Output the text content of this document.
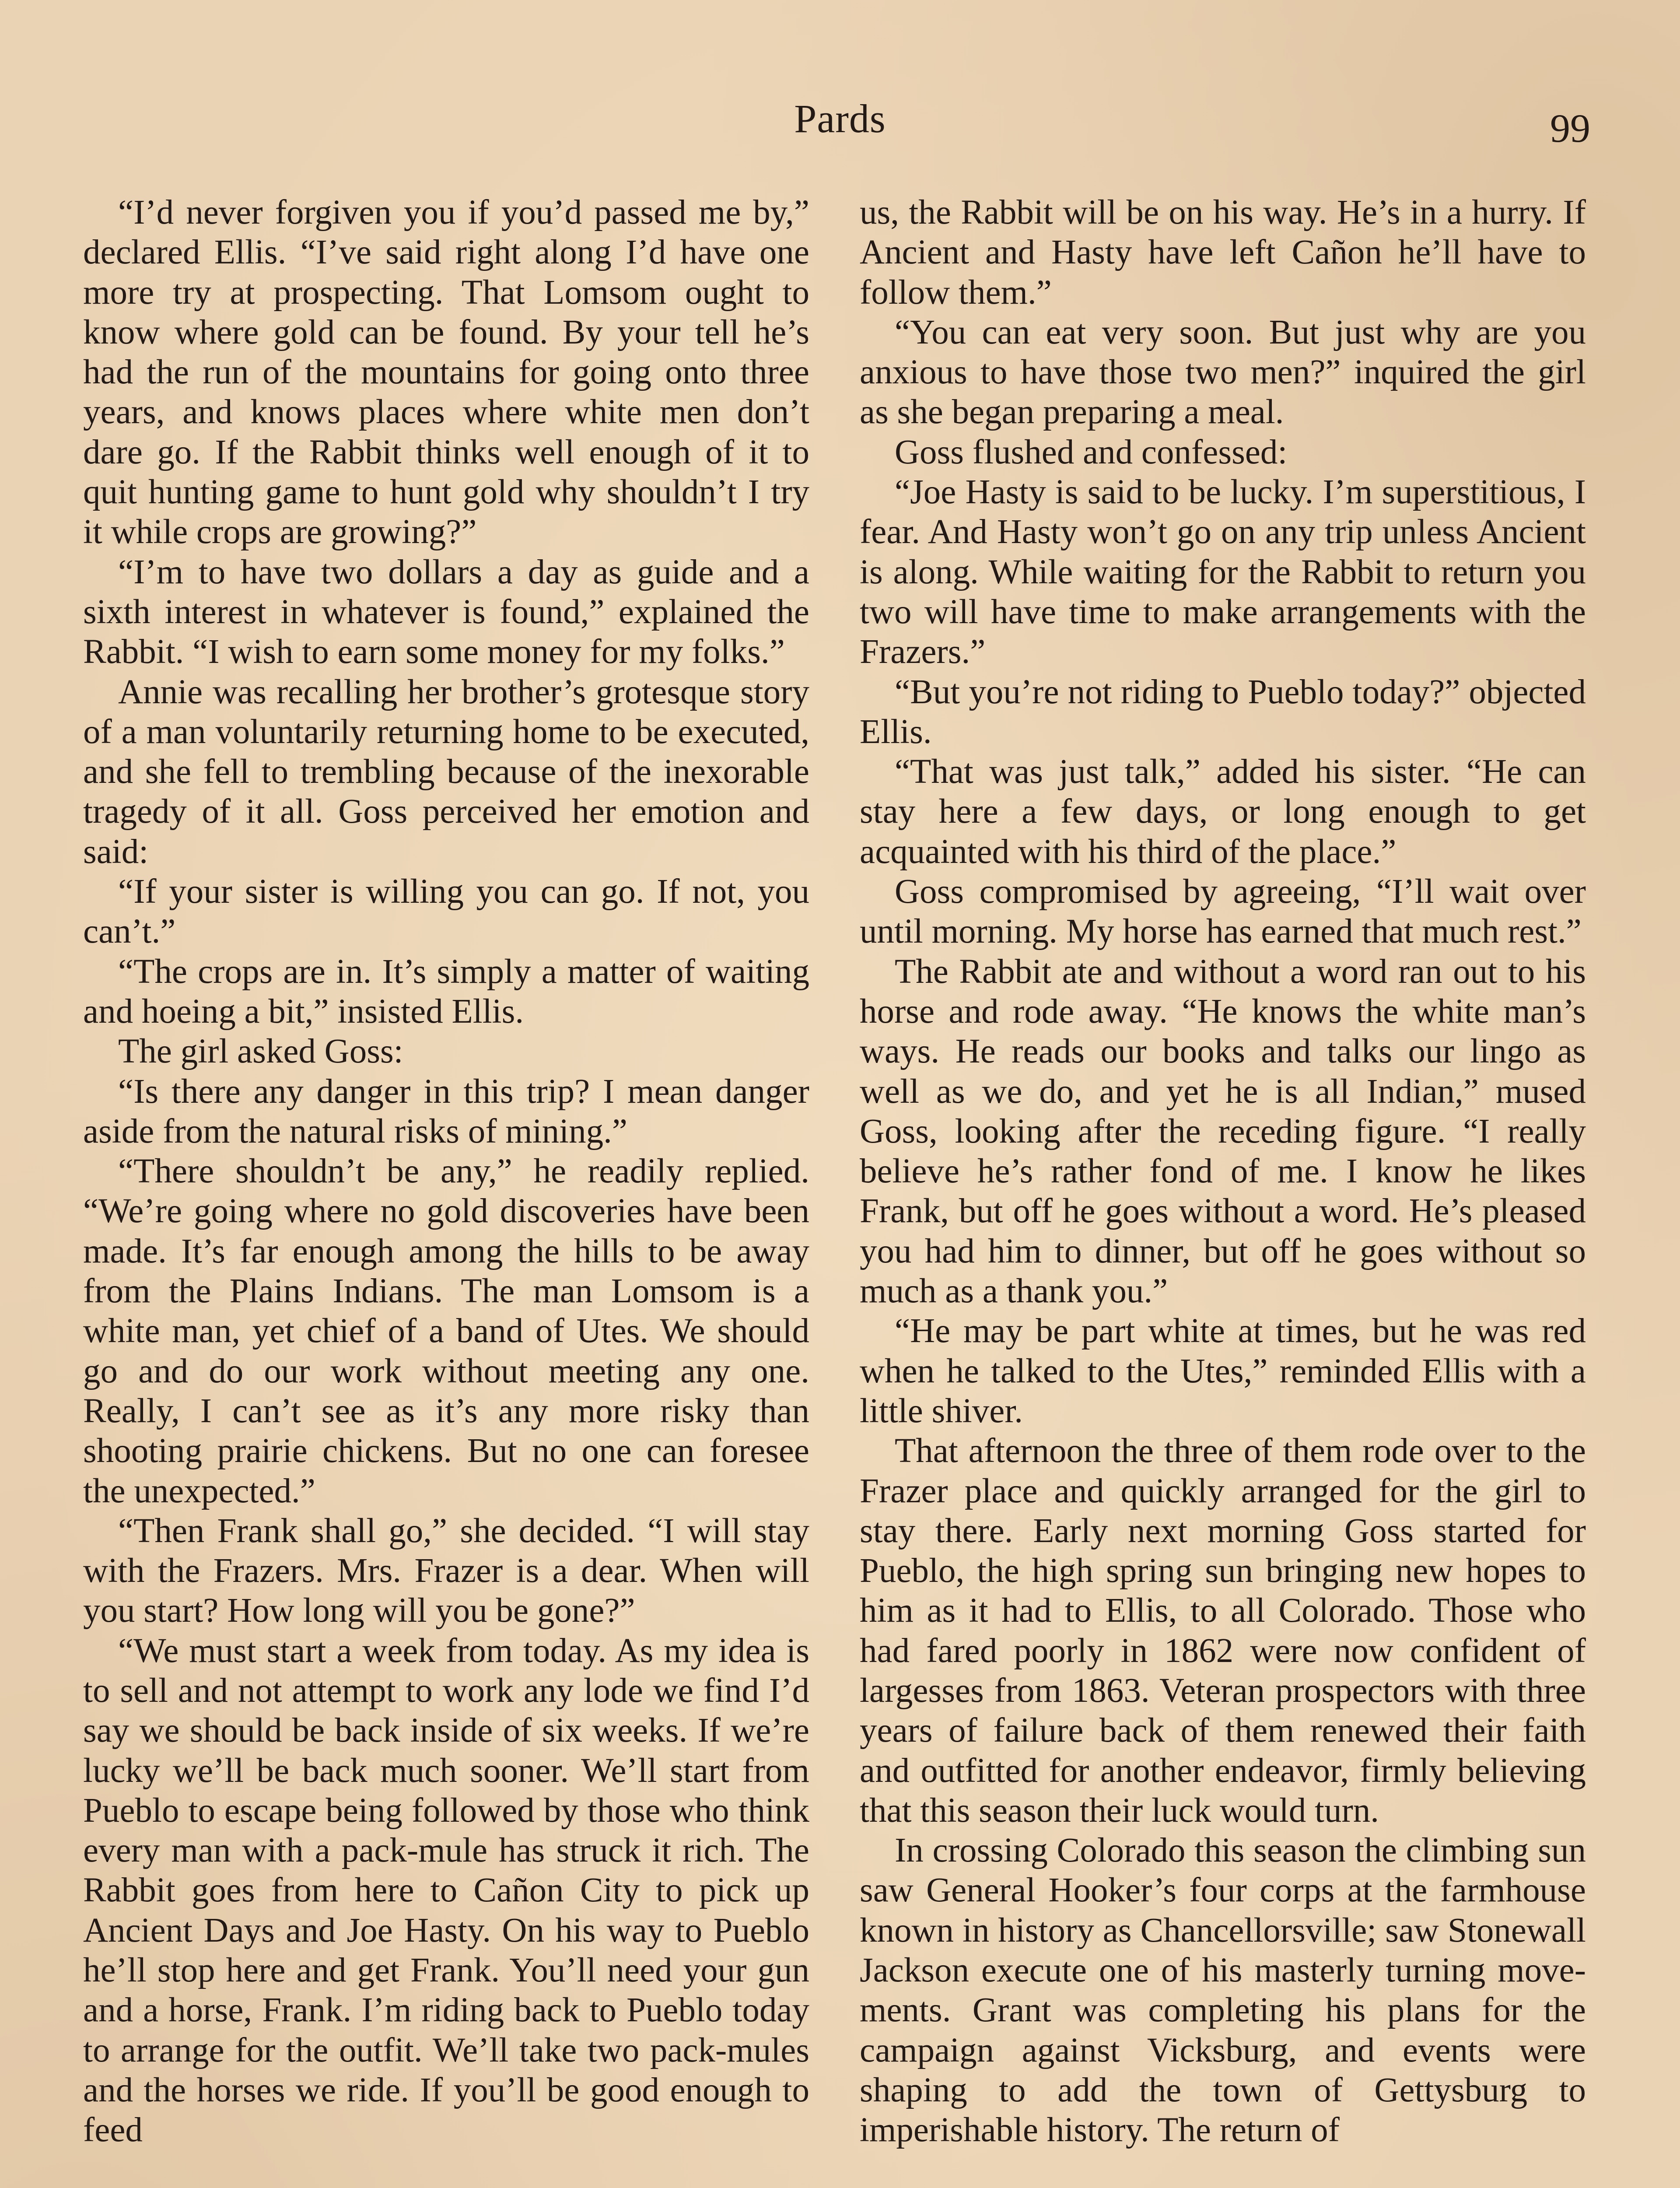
Pards	99

“I’d never forgiven you if you’d passed me by,” declared Ellis. “I’ve said right along I’d have one more try at prospecting. That Lomsom ought to know where gold can be found. By your tell he’s had the run of the mountains for going onto three years, and knows places where white men don’t dare go. If the Rabbit thinks well enough of it to quit hunting game to hunt gold why shouldn’t I try it while crops are growing?”

“I’m to have two dollars a day as guide and a sixth interest in whatever is found,” explained the Rabbit. “I wish to earn some money for my folks.”

Annie was recalling her brother’s grotesque story of a man voluntarily returning home to be executed, and she fell to trembling because of the inexorable tragedy of it all. Goss perceived her emotion and said:

“If your sister is willing you can go. If not, you can’t.”

“The crops are in. It’s simply a matter of waiting and hoeing a bit,” insisted Ellis.

The girl asked Goss:

“Is there any danger in this trip? I mean danger aside from the natural risks of mining.”

“There shouldn’t be any,” he readily replied. “We’re going where no gold discoveries have been made. It’s far enough among the hills to be away from the Plains Indians. The man Lomsom is a white man, yet chief of a band of Utes. We should go and do our work without meeting any one. Really, I can’t see as it’s any more risky than shooting prairie chickens. But no one can foresee the unexpected.”

“Then Frank shall go,” she decided. “I will stay with the Frazers. Mrs. Frazer is a dear. When will you start? How long will you be gone?”

“We must start a week from today. As my idea is to sell and not attempt to work any lode we find I’d say we should be back inside of six weeks. If we’re lucky we’ll be back much sooner. We’ll start from Pueblo to escape being followed by those who think every man with a pack-mule has struck it rich. The Rabbit goes from here to Cañon City to pick up Ancient Days and Joe Hasty. On his way to Pueblo he’ll stop here and get Frank. You’ll need your gun and a horse, Frank. I’m riding back to Pueblo today to arrange for the outfit. We’ll take two pack-mules and the horses we ride. If you’ll be good enough to feed

us, the Rabbit will be on his way. He’s in a hurry. If Ancient and Hasty have left Cañon he’ll have to follow them.”

“You can eat very soon. But just why are you anxious to have those two men?” inquired the girl as she began preparing a meal.

Goss flushed and confessed:

“Joe Hasty is said to be lucky. I’m superstitious, I fear. And Hasty won’t go on any trip unless Ancient is along. While waiting for the Rabbit to return you two will have time to make arrangements with the Frazers.”

“But you’re not riding to Pueblo today?” objected Ellis.

“That was just talk,” added his sister. “He can stay here a few days, or long enough to get acquainted with his third of the place.”

Goss compromised by agreeing, “I’ll wait over until morning. My horse has earned that much rest.”

The Rabbit ate and without a word ran out to his horse and rode away. “He knows the white man’s ways. He reads our books and talks our lingo as well as we do, and yet he is all Indian,” mused Goss, looking after the receding figure. “I really believe he’s rather fond of me. I know he likes Frank, but off he goes without a word. He’s pleased you had him to dinner, but off he goes without so much as a thank you.”

“He may be part white at times, but he was red when he talked to the Utes,” reminded Ellis with a little shiver.

That afternoon the three of them rode over to the Frazer place and quickly arranged for the girl to stay there. Early next morning Goss started for Pueblo, the high spring sun bringing new hopes to him as it had to Ellis, to all Colorado. Those who had fared poorly in 1862 were now confident of largesses from 1863. Veteran prospectors with three years of failure back of them renewed their faith and outfitted for another endeavor, firmly believing that this season their luck would turn.

In crossing Colorado this season the climbing sun saw General Hooker’s four corps at the farmhouse known in history as Chancellorsville; saw Stonewall Jackson execute one of his masterly turning movements. Grant was completing his plans for the campaign against Vicksburg, and events were shaping to add the town of Gettysburg to imperishable history. The return of
